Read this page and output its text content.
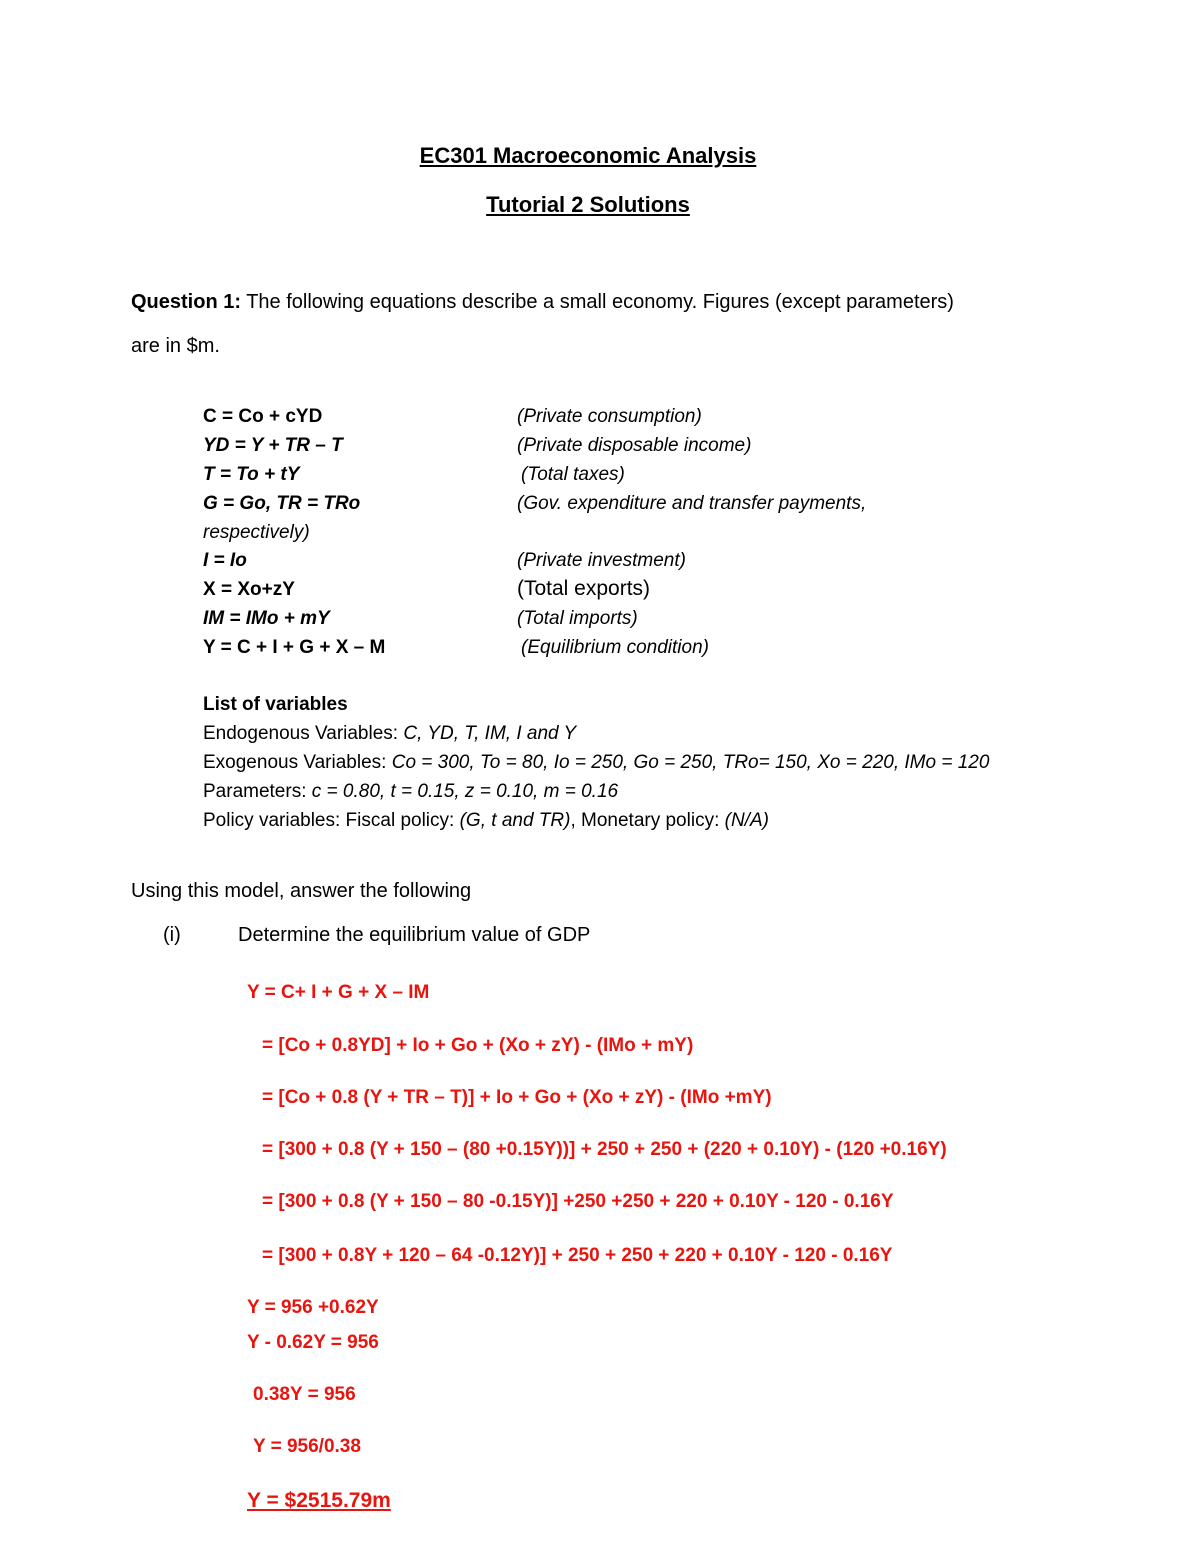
EC301 Macroeconomic Analysis
Tutorial 2 Solutions
Question 1: The following equations describe a small economy. Figures (except parameters)
are in $m.
C = Co + cYD	(Private consumption)
YD = Y + TR – T	(Private disposable income)
T = To + tY	(Total taxes)
G = Go, TR = TRo	(Gov. expenditure and transfer payments,
respectively)
I = Io	(Private investment)
X = Xo+zY	(Total exports)
IM = IMo + mY	(Total imports)
Y = C + I + G + X – M	(Equilibrium condition)
List of variables
Endogenous Variables: C, YD, T, IM, I and Y
Exogenous Variables: Co = 300, To = 80, Io = 250, Go = 250, TRo= 150, Xo = 220, IMo = 120
Parameters: c = 0.80, t = 0.15, z = 0.10, m = 0.16
Policy variables: Fiscal policy: (G, t and TR), Monetary policy: (N/A)
Using this model, answer the following
(i)	Determine the equilibrium value of GDP
Y = C+ I + G + X – IM
= [Co + 0.8YD] + Io + Go + (Xo + zY) - (IMo + mY)
= [Co + 0.8 (Y + TR – T)] + Io + Go + (Xo + zY) - (IMo +mY)
= [300 + 0.8 (Y + 150 – (80 +0.15Y))] + 250 + 250 + (220 + 0.10Y) - (120 +0.16Y)
= [300 + 0.8 (Y + 150 – 80 -0.15Y)] +250 +250 + 220 + 0.10Y - 120 - 0.16Y
= [300 + 0.8Y + 120 – 64 -0.12Y)] + 250 + 250 + 220 + 0.10Y - 120 - 0.16Y
Y = 956 +0.62Y
Y - 0.62Y = 956
0.38Y = 956
Y = 956/0.38
Y = $2515.79m
